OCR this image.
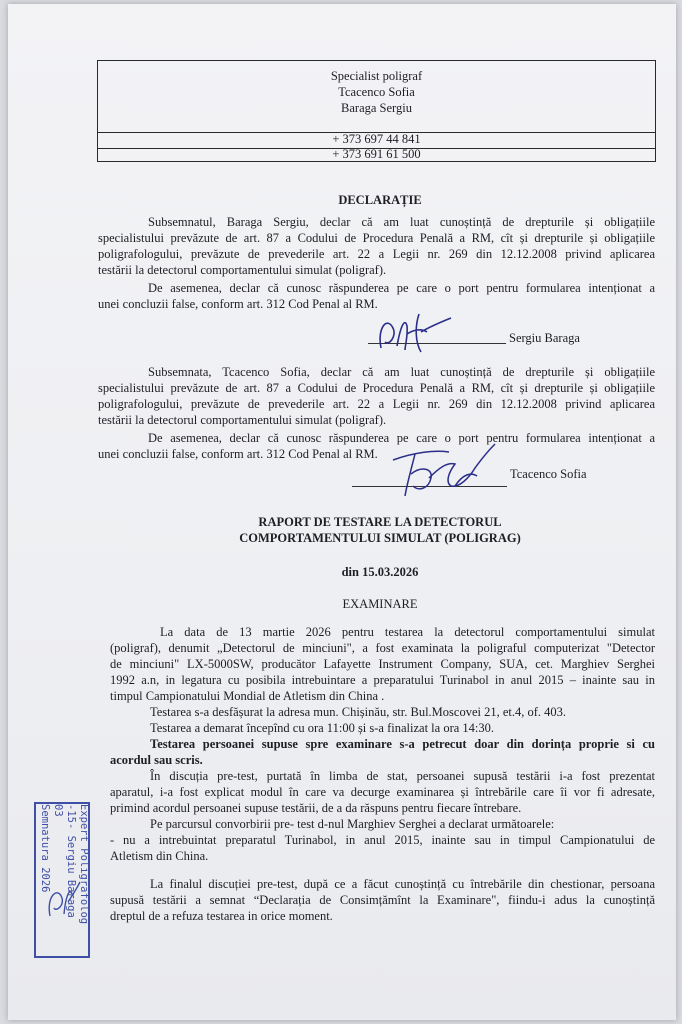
Specialist poligraf
Tcacenco Sofia
Baraga Sergiu
+ 373 697 44 841
+ 373 691 61 500
DECLARAȚIE
Subsemnatul, Baraga Sergiu, declar că am luat cunoștință de drepturile și obligațiile
specialistului prevăzute de art. 87 a Codului de Procedura Penală a RM, cît și drepturile și obligațiile
poligrafologului, prevăzute de prevederile art. 22 a Legii nr. 269 din 12.12.2008 privind aplicarea
testării la detectorul comportamentului simulat (poligraf).
De asemenea, declar că cunosc răspunderea pe care o port pentru formularea intenționat a
unei concluzii false, conform art. 312 Cod Penal al RM.
Sergiu Baraga
Subsemnata, Tcacenco Sofia, declar că am luat cunoștință de drepturile și obligațiile
specialistului prevăzute de art. 87 a Codului de Procedura Penală a RM, cît și drepturile și obligațiile
poligrafologului, prevăzute de prevederile art. 22 a Legii nr. 269 din 12.12.2008 privind aplicarea
testării la detectorul comportamentului simulat (poligraf).
De asemenea, declar că cunosc răspunderea pe care o port pentru formularea intenționat a
unei concluzii false, conform art. 312 Cod Penal al RM.
Tcacenco Sofia
RAPORT DE TESTARE LA DETECTORUL
COMPORTAMENTULUI SIMULAT (POLIGRAG)
din 15.03.2026
EXAMINARE
La data de 13 martie 2026 pentru testarea la detectorul comportamentului simulat
(poligraf), denumit „Detectorul de minciuni", a fost examinata la poligraful computerizat "Detector
de minciuni" LX-5000SW, producător Lafayette Instrument Company, SUA, cet. Marghiev Serghei
1992 a.n, in legatura cu posibila intrebuintare a preparatului Turinabol in anul 2015 – inainte sau in
timpul Campionatului Mondial de Atletism din China .
Testarea s-a desfășurat la adresa mun. Chișinău, str. Bul.Moscovei 21, et.4, of. 403.
Testarea a demarat începînd cu ora 11:00 și s-a finalizat la ora 14:30.
Testarea persoanei supuse spre examinare s-a petrecut doar din dorința proprie si cu
acordul sau scris.
În discuția pre-test, purtată în limba de stat, persoanei supusă testării i-a fost prezentat
aparatul, i-a fost explicat modul în care va decurge examinarea și întrebările care îi vor fi adresate,
primind acordul persoanei supuse testării, de a da răspuns pentru fiecare întrebare.
Pe parcursul convorbirii pre- test d-nul Marghiev Serghei a declarat următoarele:
- nu a intrebuintat preparatul Turinabol, in anul 2015, inainte sau in timpul Campionatului de
Atletism din China.
La finalul discuției pre-test, după ce a făcut cunoștință cu întrebările din chestionar, persoana
supusă testării a semnat “Declarația de Consimțămînt la Examinare", fiindu-i adus la cunoștință
dreptul de a refuza testarea in orice moment.
Expert Poligrafolog
-15- Sergiu Baraga
03
Semnatura 2026
